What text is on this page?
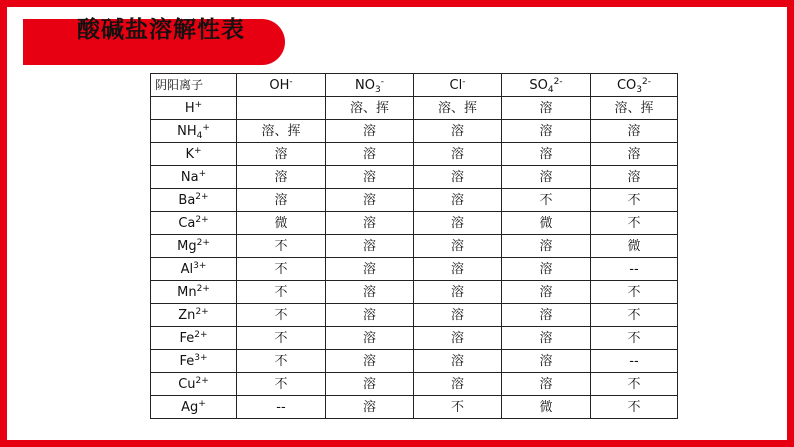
酸碱盐溶解性表
阴阳离子	OH-	$NO_3^-$	Cl-	$SO_4^{2-}$	$CO_3^{2-}$
H+		溶、挥	溶、挥	溶	溶、挥
$NH_4^+$	溶、挥	溶	溶	溶	溶
K+	溶	溶	溶	溶	溶
Na+	溶	溶	溶	溶	溶
$Ba^{2+}$	溶	溶	溶	不	不
$Ca^{2+}$	微	溶	溶	微	不
$Mg^{2+}$	不	溶	溶	溶	微
$Al^{3+}$	不	溶	溶	溶	--
$Mn^{2+}$	不	溶	溶	溶	不
$Zn^{2+}$	不	溶	溶	溶	不
$Fe^{2+}$	不	溶	溶	溶	不
$Fe^{3+}$	不	溶	溶	溶	--
$Cu^{2+}$	不	溶	溶	溶	不
Ag+	--	溶	不	微	不
